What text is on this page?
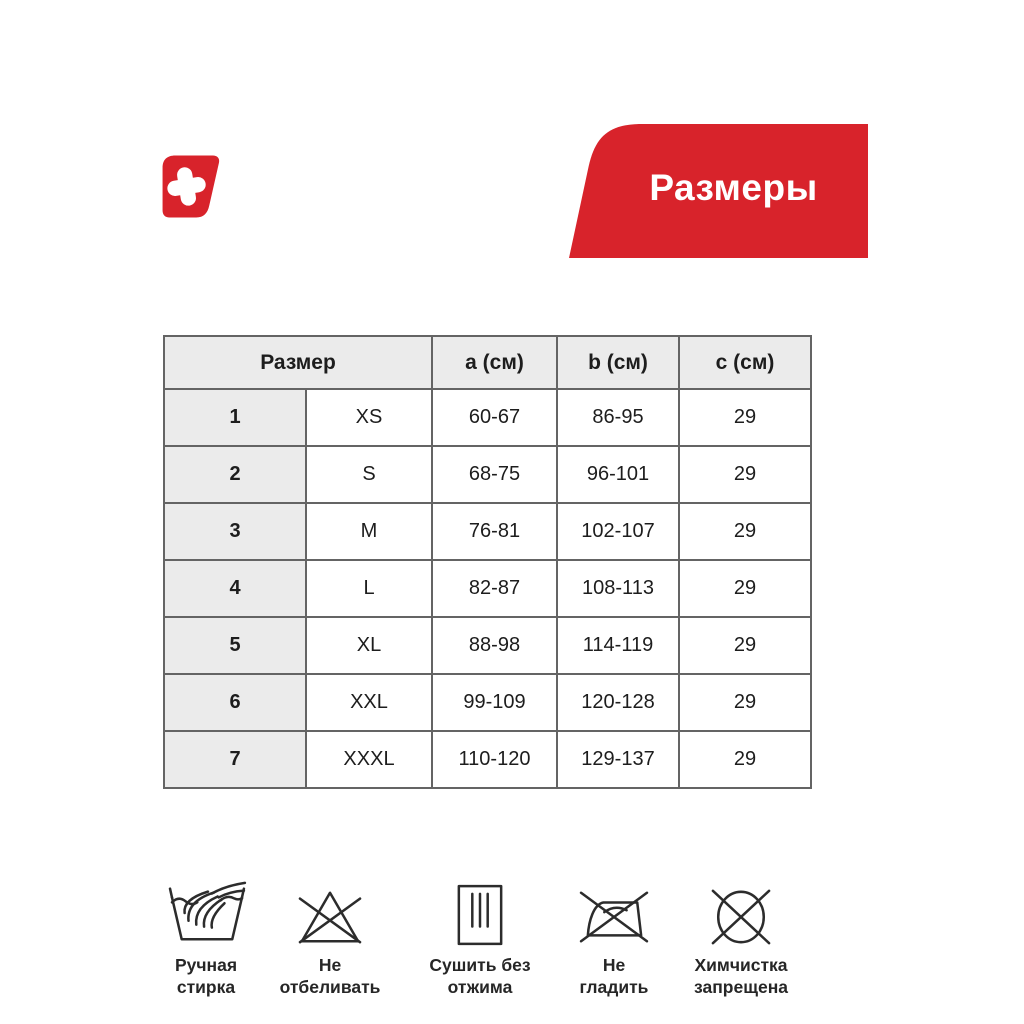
Размеры
Размер		a (см)	b (см)	c (см)
1	XS	60-67	86-95	29
2	S	68-75	96-101	29
3	M	76-81	102-107	29
4	L	82-87	108-113	29
5	XL	88-98	114-119	29
6	XXL	99-109	120-128	29
7	XXXL	110-120	129-137	29
Ручная
стирка
Не
отбеливать
Сушить без
отжима
Не
гладить
Химчистка
запрещена
